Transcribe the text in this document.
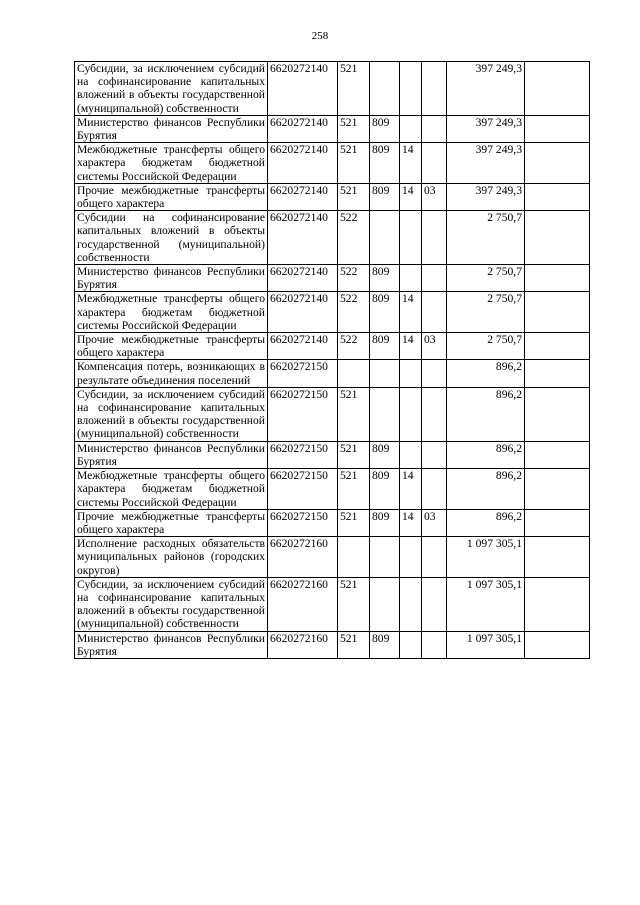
258
Субсидии, за исключением субсидий на софинансирование капитальных вложений в объекты государственной (муниципальной) собственности	6620272140	521				397 249,3	
Министерство финансов Республики Бурятия	6620272140	521	809			397 249,3	
Межбюджетные трансферты общего характера бюджетам бюджетной системы Российской Федерации	6620272140	521	809	14		397 249,3	
Прочие межбюджетные трансферты общего характера	6620272140	521	809	14	03	397 249,3	
Субсидии на софинансирование капитальных вложений в объекты государственной (муниципальной) собственности	6620272140	522				2 750,7	
Министерство финансов Республики Бурятия	6620272140	522	809			2 750,7	
Межбюджетные трансферты общего характера бюджетам бюджетной системы Российской Федерации	6620272140	522	809	14		2 750,7	
Прочие межбюджетные трансферты общего характера	6620272140	522	809	14	03	2 750,7	
Компенсация потерь, возникающих в результате объединения поселений	6620272150					896,2	
Субсидии, за исключением субсидий на софинансирование капитальных вложений в объекты государственной (муниципальной) собственности	6620272150	521				896,2	
Министерство финансов Республики Бурятия	6620272150	521	809			896,2	
Межбюджетные трансферты общего характера бюджетам бюджетной системы Российской Федерации	6620272150	521	809	14		896,2	
Прочие межбюджетные трансферты общего характера	6620272150	521	809	14	03	896,2	
Исполнение расходных обязательств муниципальных районов (городских округов)	6620272160					1 097 305,1	
Субсидии, за исключением субсидий на софинансирование капитальных вложений в объекты государственной (муниципальной) собственности	6620272160	521				1 097 305,1	
Министерство финансов Республики Бурятия	6620272160	521	809			1 097 305,1	
